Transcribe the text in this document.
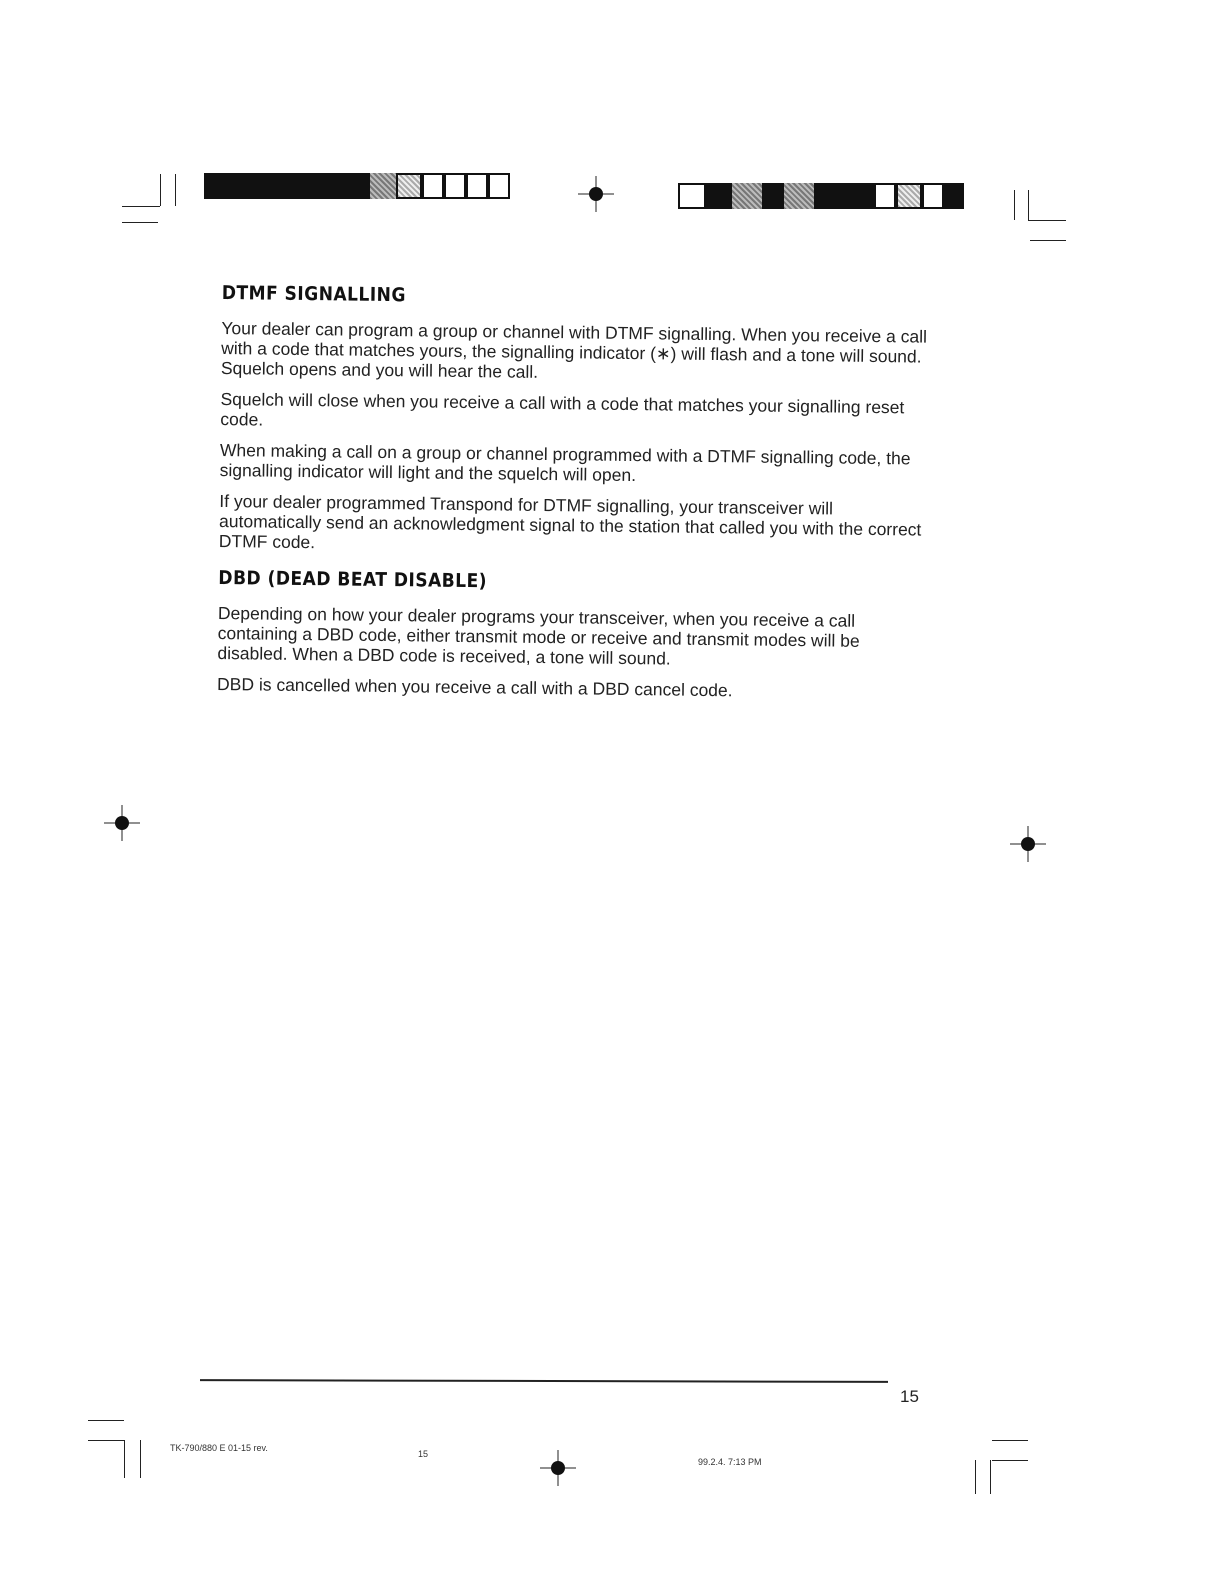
DTMF SIGNALLING

Your dealer can program a group or channel with DTMF signalling. When you receive a call with a code that matches yours, the signalling indicator (∗) will flash and a tone will sound. Squelch opens and you will hear the call.

Squelch will close when you receive a call with a code that matches your signalling reset code.

When making a call on a group or channel programmed with a DTMF signalling code, the signalling indicator will light and the squelch will open.

If your dealer programmed Transpond for DTMF signalling, your transceiver will automatically send an acknowledgment signal to the station that called you with the correct DTMF code.

DBD (DEAD BEAT DISABLE)

Depending on how your dealer programs your transceiver, when you receive a call containing a DBD code, either transmit mode or receive and transmit modes will be disabled. When a DBD code is received, a tone will sound.

DBD is cancelled when you receive a call with a DBD cancel code.

15
TK-790/880 E 01-15 rev.
15
99.2.4. 7:13 PM
